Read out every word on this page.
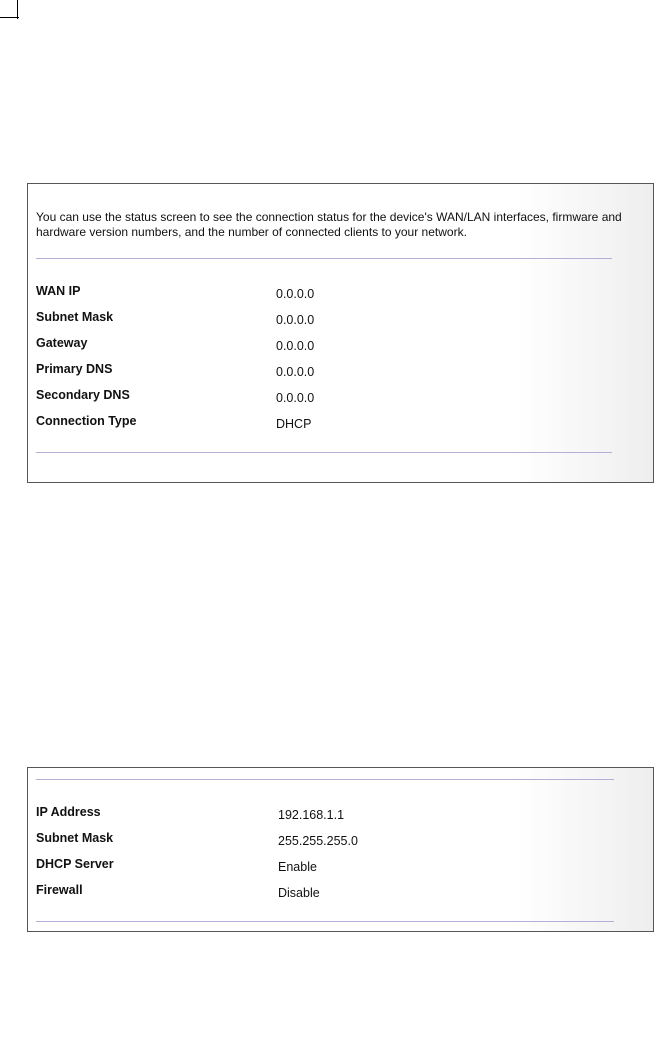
You can use the status screen to see the connection status for the device's WAN/LAN interfaces, firmware and hardware version numbers, and the number of connected clients to your network.
WAN IP	0.0.0.0
Subnet Mask	0.0.0.0
Gateway	0.0.0.0
Primary DNS	0.0.0.0
Secondary DNS	0.0.0.0
Connection Type	DHCP
IP Address	192.168.1.1
Subnet Mask	255.255.255.0
DHCP Server	Enable
Firewall	Disable
